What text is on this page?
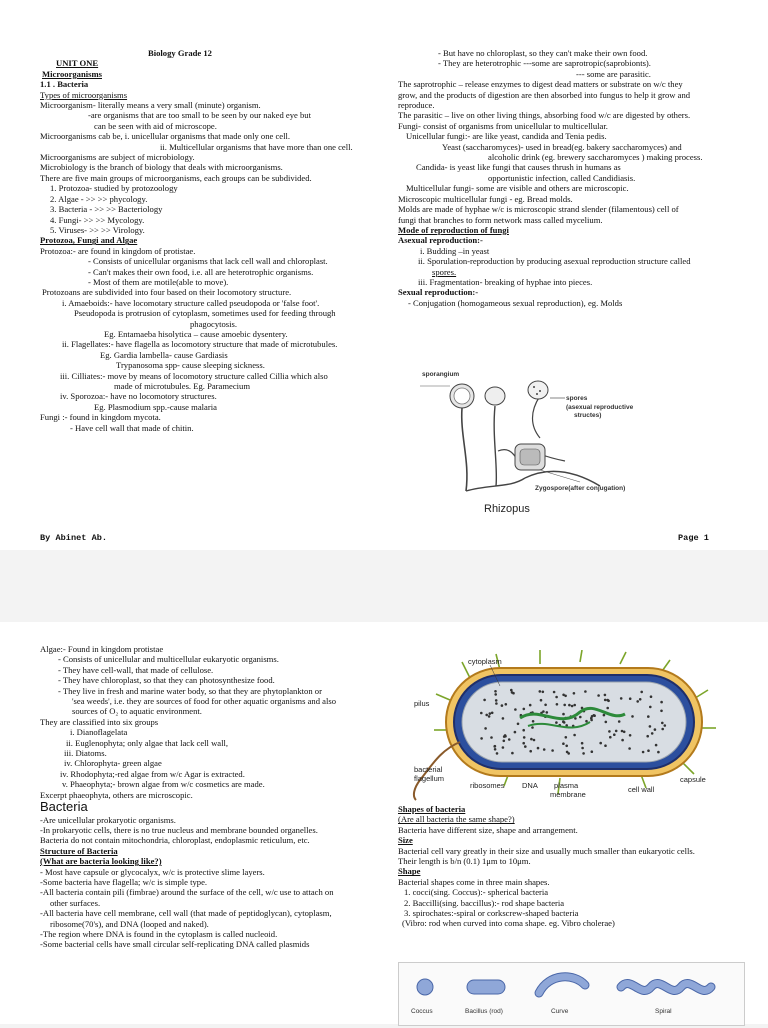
Biology Grade 12
UNIT ONE
Microorganisms
1.1 . Bacteria
Types of microorganisms
Microorganism- literally means a very small (minute) organism.
-are organisms that are too small to be seen by our naked eye but
can be seen with aid of microscope.
Microorganisms cab be, i. unicellular organisms that made only one cell.
ii. Multicellular organisms that have more than one cell.
Microorganisms are subject of microbiology.
Microbiology is the branch of biology that deals with microorganisms.
There are five main groups of microorganisms, each groups can be subdivided.
1. Protozoa- studied by protozoology
2. Algae - >> >> phycology.
3. Bacteria - >> >> Bacteriology
4. Fungi- >> >> Mycology.
5. Viruses- >> >> Virology.
Protozoa, Fungi and Algae
Protozoa:- are found in kingdom of protistae.
- Consists of unicellular organisms that lack cell wall and chloroplast.
- Can't makes their own food, i.e. all are heterotrophic organisms.
- Most of them are motile(able to move).
Protozoans are subdivided into four based on their locomotory structure.
i. Amaeboids:- have locomotary structure called pseudopoda or 'false foot'.
Pseudopoda is protrusion of cytoplasm, sometimes used for feeding through
phagocytosis.
Eg. Entamaeba hisolytica – cause amoebic dysentery.
ii. Flagellates:- have flagella as locomotory structure that made of microtubules.
Eg. Gardia lambella- cause Gardiasis
Trypanosoma spp- cause sleeping sickness.
iii. Cilliates:- move by means of locomotory structure called Cillia which also
made of microtubules. Eg. Paramecium
iv. Sporozoa:- have no locomotory structures.
Eg. Plasmodium spp.-cause malaria
Fungi :- found in kingdom mycota.
- Have cell wall that made of chitin.
- But have no chloroplast, so they can't make their own food.
- They are heterotrophic ---some are saprotropic(saprobionts).
--- some are parasitic.
The saprotrophic – release enzymes to digest dead matters or substrate on w/c they
grow, and the products of digestion are then absorbed into fungus to help it grow and
reproduce.
The parasitic – live on other living things, absorbing food w/c are digested by others.
Fungi- consist of organisms from unicellular to multicellular.
Unicellular fungi:- are like yeast, candida and Tenia pedis.
Yeast (saccharomyces)- used in bread(eg. bakery saccharomyces) and
alcoholic drink (eg. brewery saccharomyces ) making process.
Candida- is yeast like fungi that causes thrush in humans as
opportunistic infection, called Candidiasis.
Multicellular fungi- some are visible and others are microscopic.
Microscopic multicellular fungi - eg. Bread molds.
Molds are made of hyphae w/c is microscopic strand slender (filamentous) cell of
fungi that branches to form network mass called mycelium.
Mode of reproduction of fungi
Asexual reproduction:-
i. Budding –in yeast
ii. Sporulation-reproduction by producing asexual reproduction structure called
spores.
iii. Fragmentation- breaking of hyphae into pieces.
Sexual reproduction:-
- Conjugation (homogameous sexual reproduction), eg. Molds
sporangium
spores
(asexual reproductive
structes)
Zygospore(after conjugation)
Rhizopus
By Abinet Ab.	Page 1
Algae:- Found in kingdom protistae
- Consists of unicellular and multicellular eukaryotic organisms.
- They have cell-wall, that made of cellulose.
- They have chloroplast, so that they can photosynthesize food.
- They live in fresh and marine water body, so that they are phytoplankton or
'sea weeds', i.e. they are sources of food for other aquatic organisms and also
sources of O₂ to aquatic environment.
They are classified into six groups
i. Dianoflagelata
ii. Euglenophyta; only algae that lack cell wall,
iii. Diatoms.
iv. Chlorophyta- green algae
iv. Rhodophyta;-red algae from w/c Agar is extracted.
v. Phaeophyta;- brown algae from w/c cosmetics are made.
Excerpt phaeophyta, others are microscopic.
Bacteria
-Are unicellular prokaryotic organisms.
-In prokaryotic cells, there is no true nucleus and membrane bounded organelles.
Bacteria do not contain mitochondria, chloroplast, endoplasmic reticulum, etc.
Structure of Bacteria
(What are bacteria looking like?)
- Most have capsule or glycocalyx, w/c is protective slime layers.
-Some bacteria have flagella; w/c is simple type.
-All bacteria contain pili (fimbrae) around the surface of the cell, w/c use to attach on
other surfaces.
-All bacteria have cell membrane, cell wall (that made of peptidoglycan), cytoplasm,
ribosome(70's), and DNA (looped and naked).
-The region where DNA is found in the cytoplasm is called nucleoid.
-Some bacterial cells have small circular self-replicating DNA called plasmids
cytoplasm
pilus
bacterial
flagellum
ribosomes DNA plasma
membrane
capsule
cell wall
Shapes of bacteria
(Are all bacteria the same shape?)
Bacteria have different size, shape and arrangement.
Size
Bacterial cell vary greatly in their size and usually much smaller than eukaryotic cells.
Their length is b/n (0.1) 1μm to 10μm.
Shape
Bacterial shapes come in three main shapes.
1. cocci(sing. Coccus):- spherical bacteria
2. Baccilli(sing. baccillus):- rod shape bacteria
3. spirochates:-spiral or corkscrew-shaped bacteria
(Vibro: rod when curved into coma shape. eg. Vibro cholerae)
Coccus	Bacillus (rod)	Curve	Spiral
